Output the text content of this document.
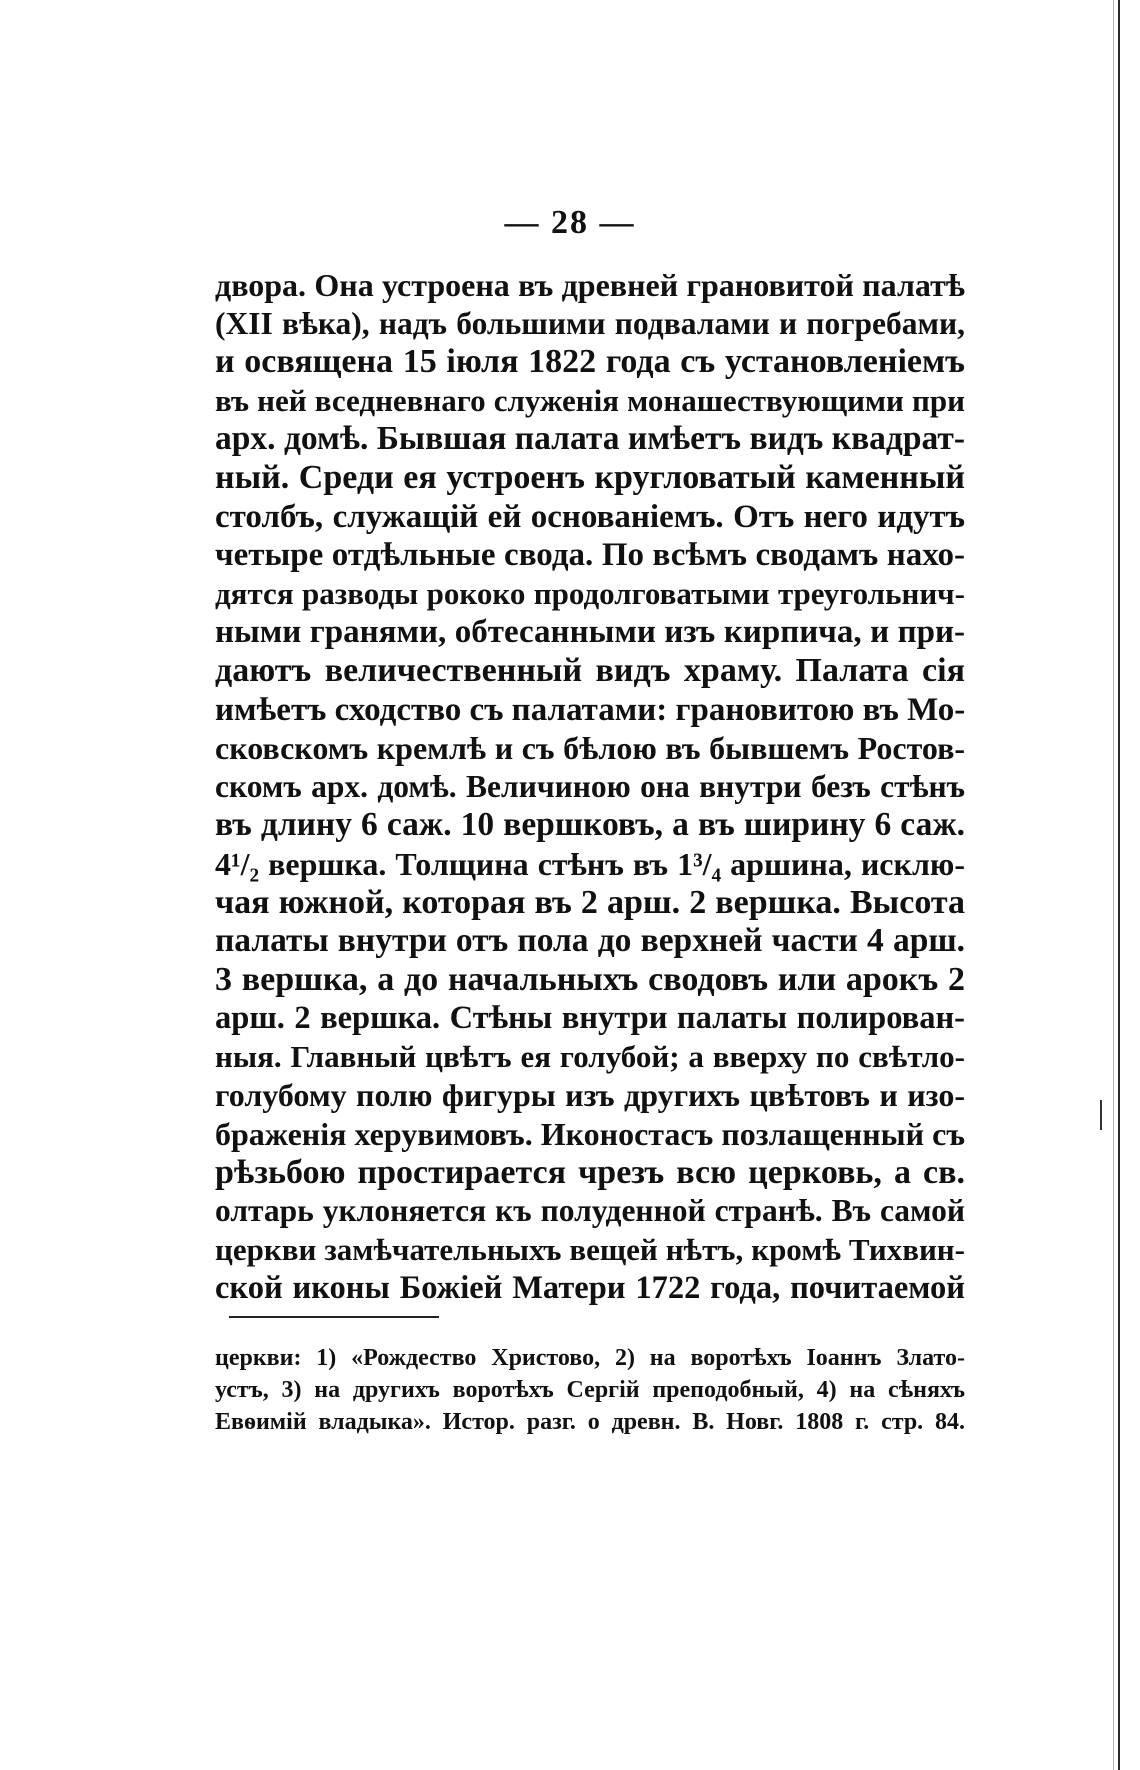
— 28 —
двора. Она устроена въ древней грановитой палатѣ
(XII вѣка), надъ большими подвалами и погребами,
и освящена 15 іюля 1822 года съ установленіемъ
въ ней вседневнаго служенія монашествующими при
арх. домѣ. Бывшая палата имѣетъ видъ квадрат-
ный. Среди ея устроенъ кругловатый каменный
столбъ, служащій ей основаніемъ. Отъ него идутъ
четыре отдѣльные свода. По всѣмъ сводамъ нахо-
дятся разводы рококо продолговатыми треугольнич-
ными гранями, обтесанными изъ кирпича, и при-
даютъ величественный видъ храму. Палата сія
имѣетъ сходство съ палатами: грановитою въ Мо-
сковскомъ кремлѣ и съ бѣлою въ бывшемъ Ростов-
скомъ арх. домѣ. Величиною она внутри безъ стѣнъ
въ длину 6 саж. 10 вершковъ, а въ ширину 6 саж.
4¹/₂ вершка. Толщина стѣнъ въ 1³/₄ аршина, исклю-
чая южной, которая въ 2 арш. 2 вершка. Высота
палаты внутри отъ пола до верхней части 4 арш.
3 вершка, а до начальныхъ сводовъ или арокъ 2
арш. 2 вершка. Стѣны внутри палаты полирован-
ныя. Главный цвѣтъ ея голубой; а вверху по свѣтло-
голубому полю фигуры изъ другихъ цвѣтовъ и изо-
браженія херувимовъ. Иконостасъ позлащенный съ
рѣзьбою простирается чрезъ всю церковь, а св.
олтарь уклоняется къ полуденной странѣ. Въ самой
церкви замѣчательныхъ вещей нѣтъ, кромѣ Тихвин-
ской иконы Божіей Матери 1722 года, почитаемой
церкви: 1) «Рождество Христово, 2) на воротѣхъ Іоаннъ Злато-
устъ, 3) на другихъ воротѣхъ Сергій преподобный, 4) на сѣняхъ
Евѳимій владыка». Истор. разг. о древн. В. Новг. 1808 г. стр. 84.
